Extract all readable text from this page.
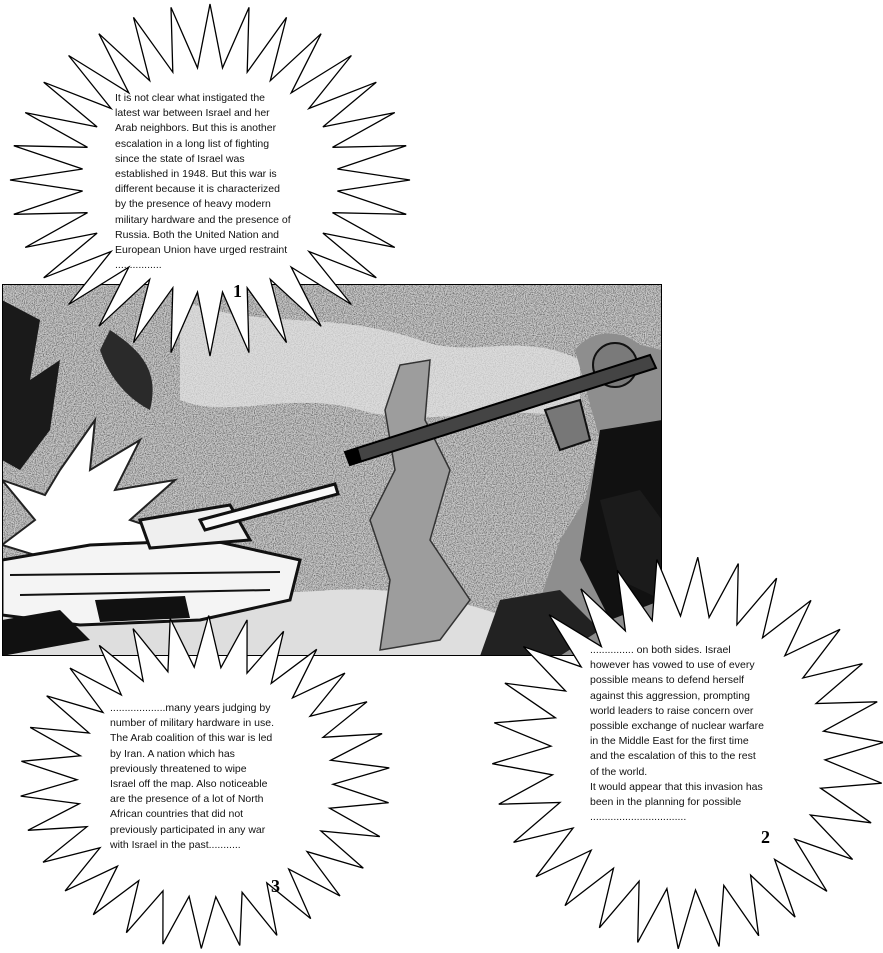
It is not clear what instigated the
latest war between Israel and her
Arab neighbors. But this is another
escalation in a long list of fighting
since the state of Israel was
established in 1948. But this war is
different because it is characterized
by the presence of heavy modern
military hardware and the presence of
Russia. Both the United Nation and
European Union have urged restraint
................
1
............... on both sides. Israel
however has vowed to use of every
possible means to defend herself
against this aggression, prompting
world leaders to raise concern over
possible exchange of nuclear warfare
in the Middle East for the first time
and the escalation of this to the rest
of the world.
It would appear that this invasion has
been in the planning for possible
.................................
2
...................many years judging by
number of military hardware in use.
The Arab coalition of this war is led
by Iran. A nation which has
previously threatened to wipe
Israel off the map. Also noticeable
are the presence of a lot of North
African countries that did not
previously participated in any war
with Israel in the past...........
3
